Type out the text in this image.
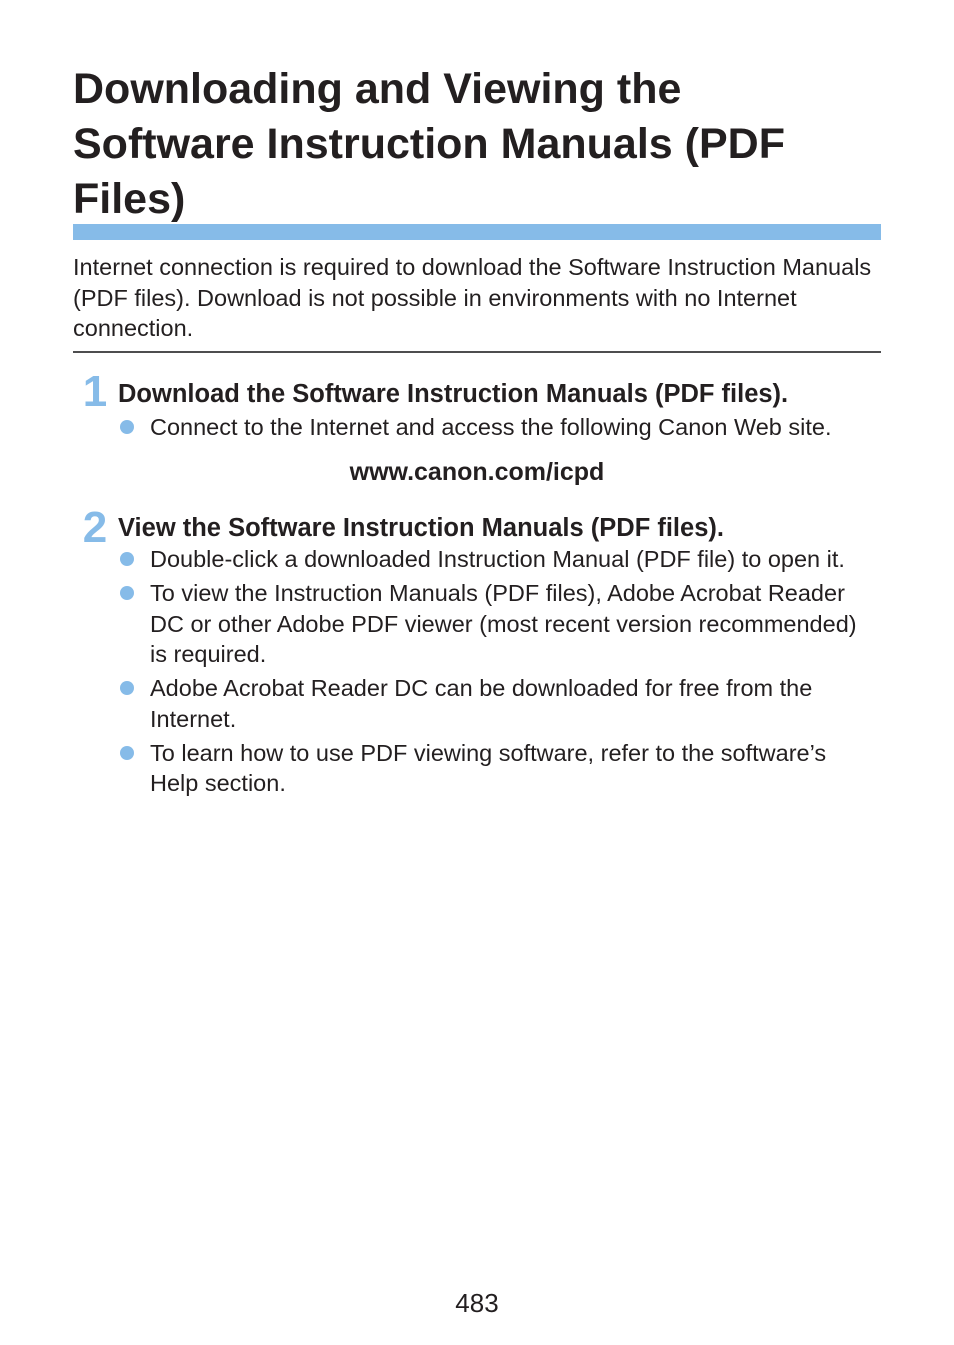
Downloading and Viewing the Software Instruction Manuals (PDF Files)

Internet connection is required to download the Software Instruction Manuals (PDF files). Download is not possible in environments with no Internet connection.

1 Download the Software Instruction Manuals (PDF files).
Connect to the Internet and access the following Canon Web site.
www.canon.com/icpd
2 View the Software Instruction Manuals (PDF files).
Double-click a downloaded Instruction Manual (PDF file) to open it.
To view the Instruction Manuals (PDF files), Adobe Acrobat Reader DC or other Adobe PDF viewer (most recent version recommended) is required.
Adobe Acrobat Reader DC can be downloaded for free from the Internet.
To learn how to use PDF viewing software, refer to the software’s Help section.
483
